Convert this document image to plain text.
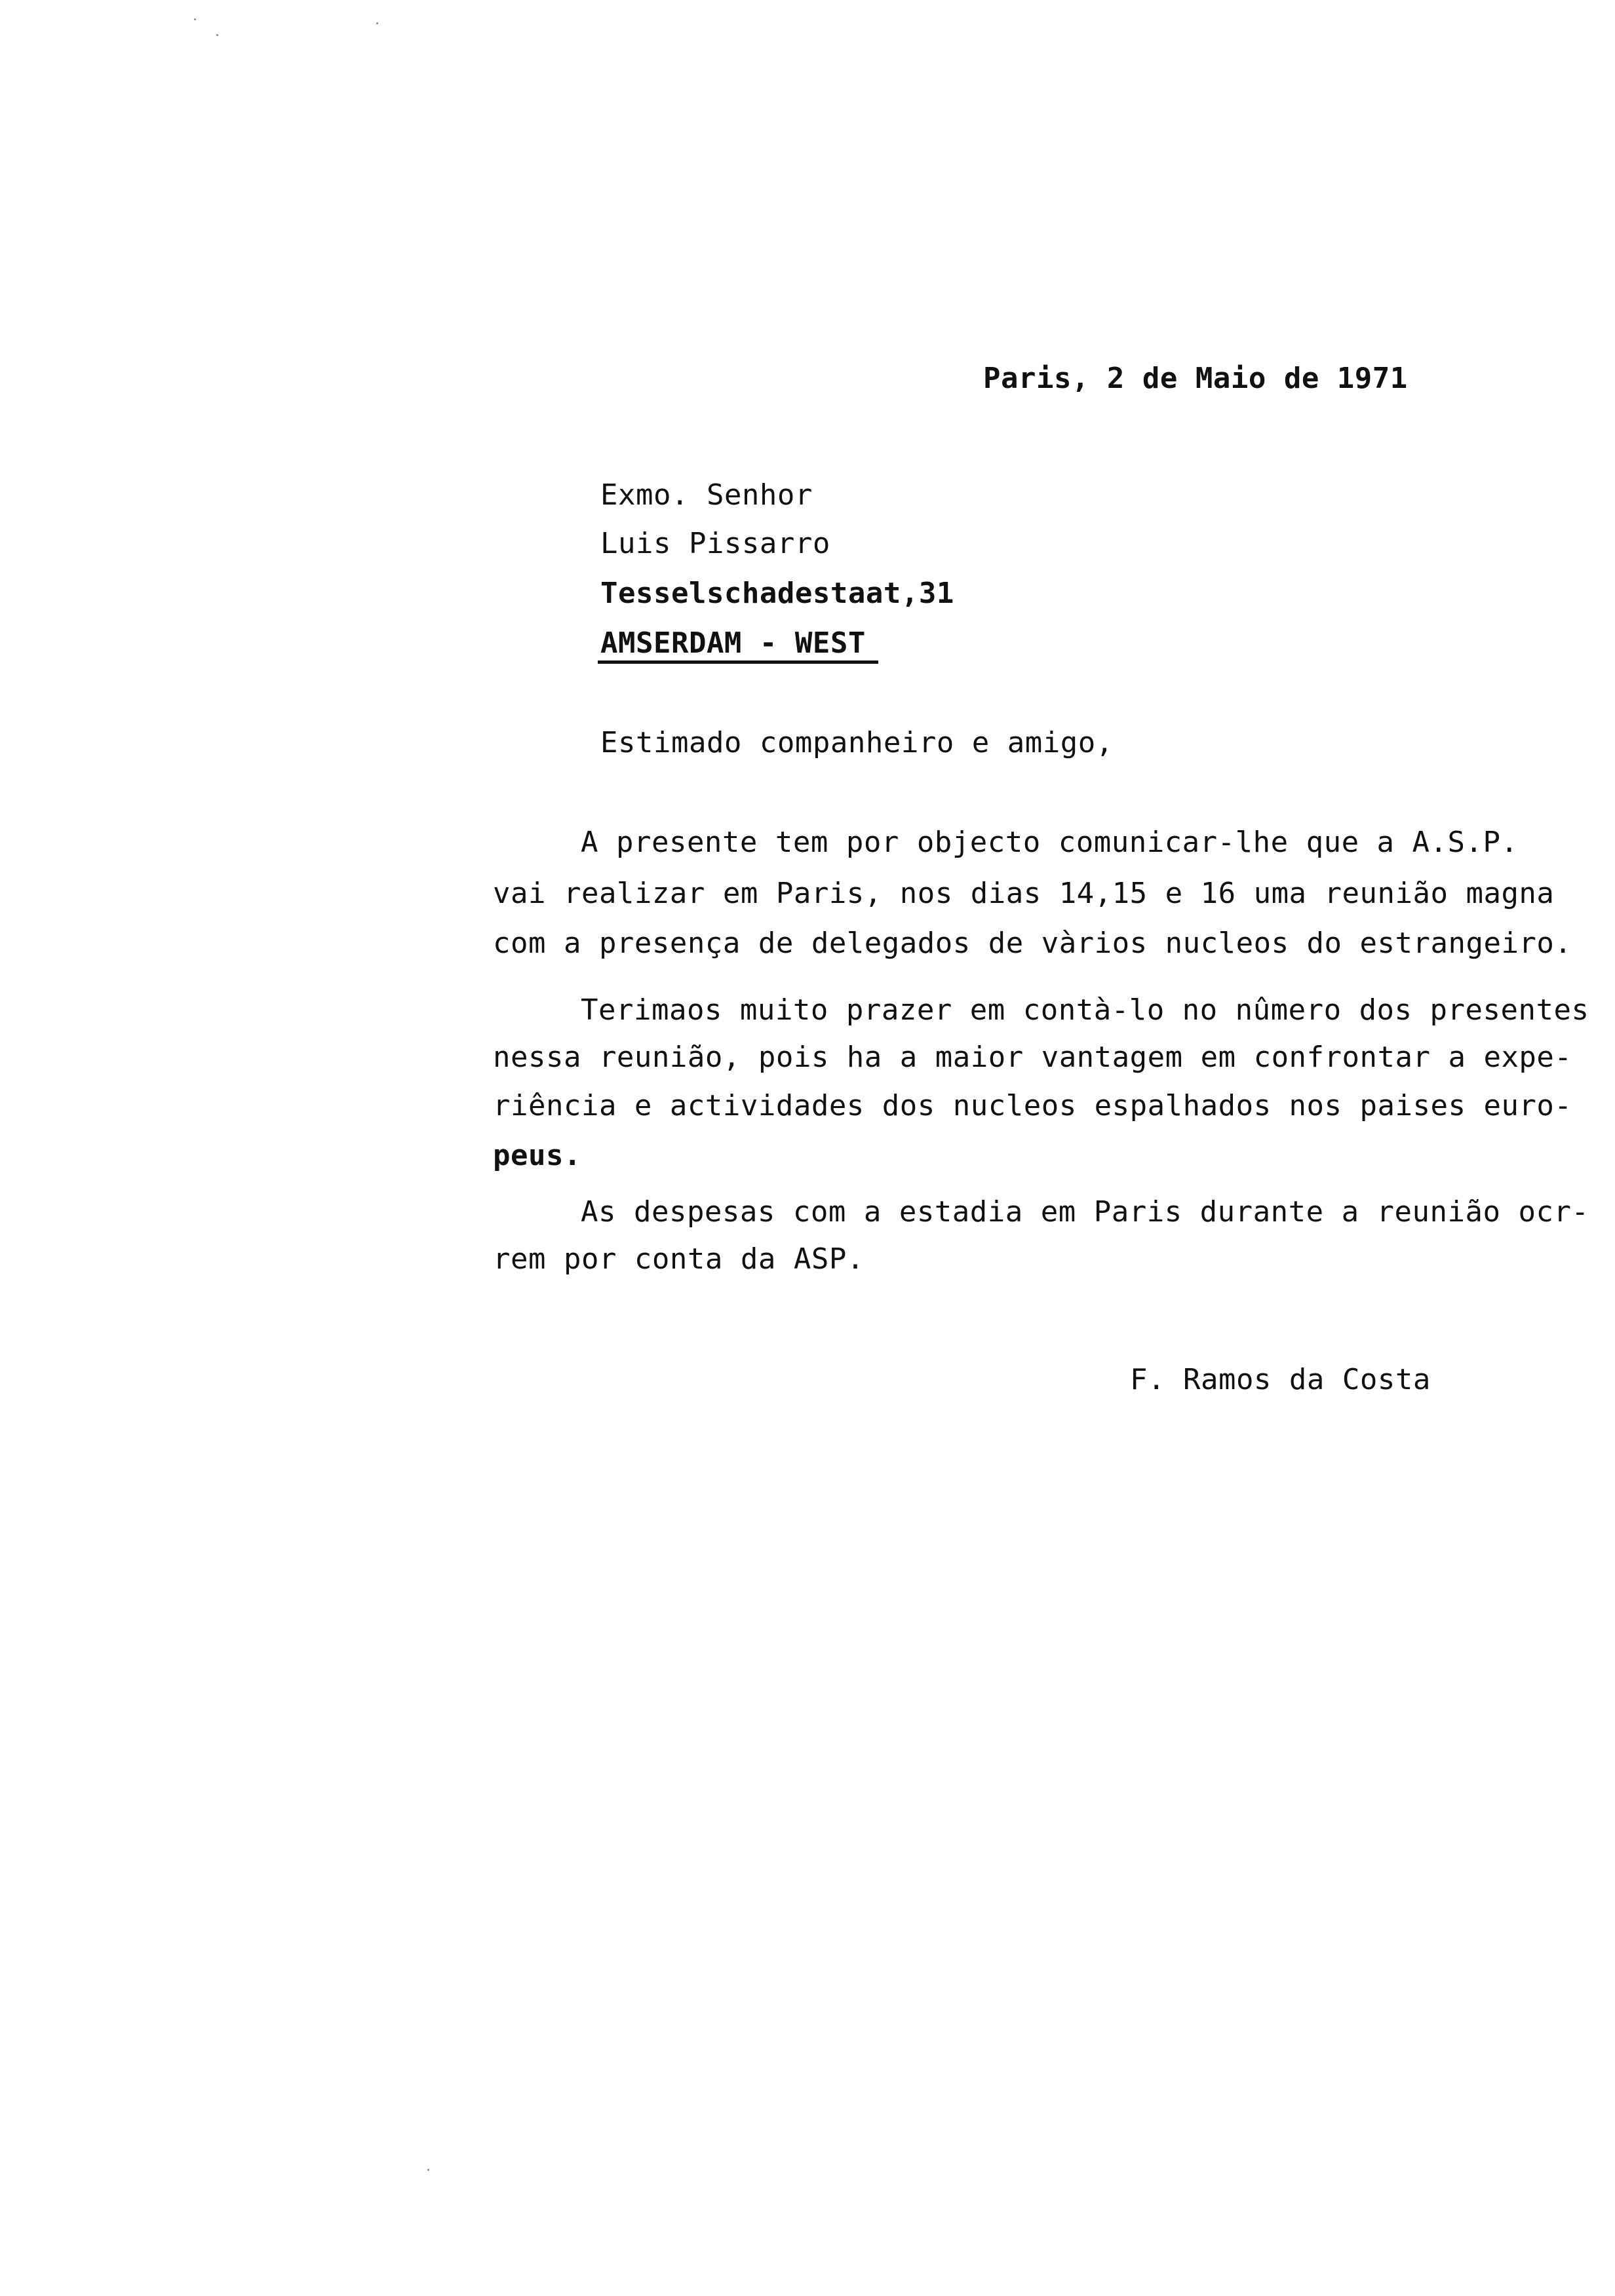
Paris, 2 de Maio de 1971
Exmo. Senhor
Luis Pissarro
Tesselschadestaat,31
AMSERDAM - WEST
Estimado companheiro e amigo,
A presente tem por objecto comunicar-lhe que a A.S.P.
vai realizar em Paris, nos dias 14,15 e 16 uma reunião magna
com a presença de delegados de vàrios nucleos do estrangeiro.
Terimaos muito prazer em contà-lo no nûmero dos presentes
nessa reunião, pois ha a maior vantagem em confrontar a expe-
riência e actividades dos nucleos espalhados nos paises euro-
peus.
As despesas com a estadia em Paris durante a reunião ocr-
rem por conta da ASP.
F. Ramos da Costa
